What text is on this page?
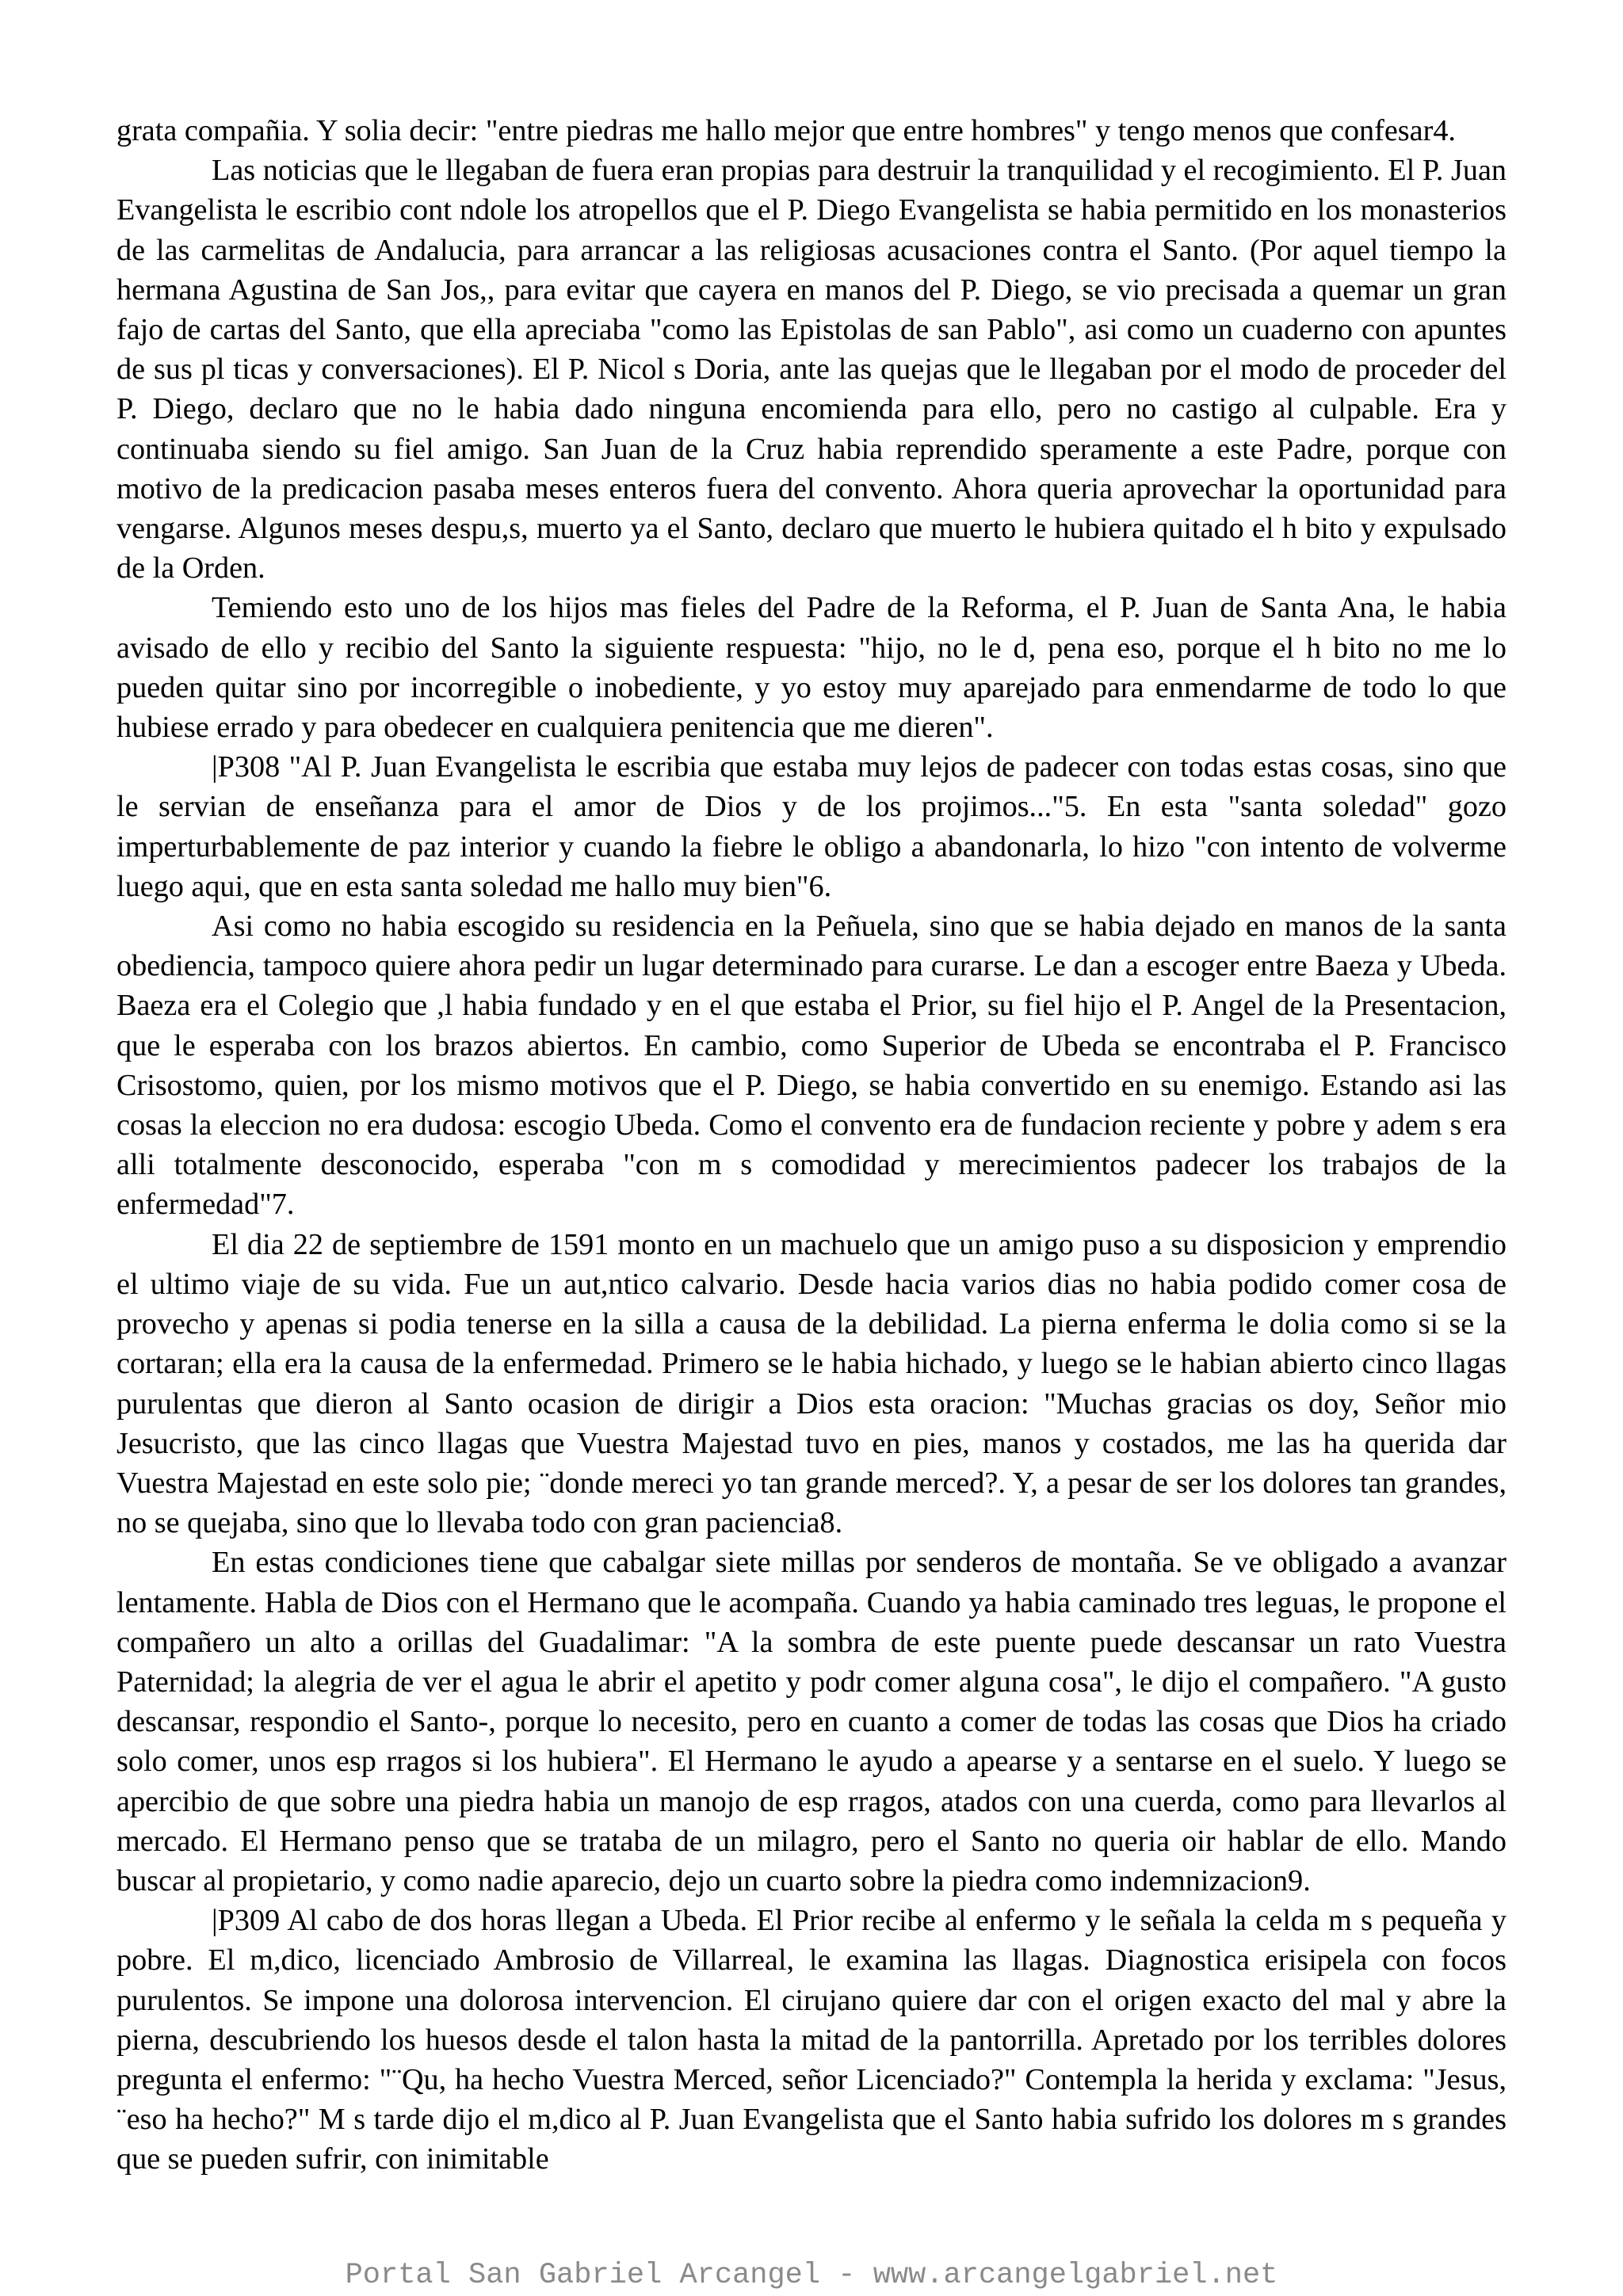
grata compañia. Y solia decir: "entre piedras me hallo mejor que entre hombres" y tengo menos que confesar4.

Las noticias que le llegaban de fuera eran propias para destruir la tranquilidad y el recogimiento. El P. Juan Evangelista le escribio cont ndole los atropellos que el P. Diego Evangelista se habia permitido en los monasterios de las carmelitas de Andalucia, para arrancar a las religiosas acusaciones contra el Santo. (Por aquel tiempo la hermana Agustina de San Jos,, para evitar que cayera en manos del P. Diego, se vio precisada a quemar un gran fajo de cartas del Santo, que ella apreciaba "como las Epistolas de san Pablo", asi como un cuaderno con apuntes de sus pl ticas y conversaciones). El P. Nicol s Doria, ante las quejas que le llegaban por el modo de proceder del P. Diego, declaro que no le habia dado ninguna encomienda para ello, pero no castigo al culpable. Era y continuaba siendo su fiel amigo. San Juan de la Cruz habia reprendido speramente a este Padre, porque con motivo de la predicacion pasaba meses enteros fuera del convento. Ahora queria aprovechar la oportunidad para vengarse. Algunos meses despu,s, muerto ya el Santo, declaro que muerto le hubiera quitado el h bito y expulsado de la Orden.

Temiendo esto uno de los hijos mas fieles del Padre de la Reforma, el P. Juan de Santa Ana, le habia avisado de ello y recibio del Santo la siguiente respuesta: "hijo, no le d, pena eso, porque el h bito no me lo pueden quitar sino por incorregible o inobediente, y yo estoy muy aparejado para enmendarme de todo lo que hubiese errado y para obedecer en cualquiera penitencia que me dieren".

|P308 "Al P. Juan Evangelista le escribia que estaba muy lejos de padecer con todas estas cosas, sino que le servian de enseñanza para el amor de Dios y de los projimos..."5. En esta "santa soledad" gozo imperturbablemente de paz interior y cuando la fiebre le obligo a abandonarla, lo hizo "con intento de volverme luego aqui, que en esta santa soledad me hallo muy bien"6.

Asi como no habia escogido su residencia en la Peñuela, sino que se habia dejado en manos de la santa obediencia, tampoco quiere ahora pedir un lugar determinado para curarse. Le dan a escoger entre Baeza y Ubeda. Baeza era el Colegio que ,l habia fundado y en el que estaba el Prior, su fiel hijo el P. Angel de la Presentacion, que le esperaba con los brazos abiertos. En cambio, como Superior de Ubeda se encontraba el P. Francisco Crisostomo, quien, por los mismo motivos que el P. Diego, se habia convertido en su enemigo. Estando asi las cosas la eleccion no era dudosa: escogio Ubeda. Como el convento era de fundacion reciente y pobre y adem s era alli totalmente desconocido, esperaba "con m s comodidad y merecimientos padecer los trabajos de la enfermedad"7.

El dia 22 de septiembre de 1591 monto en un machuelo que un amigo puso a su disposicion y emprendio el ultimo viaje de su vida. Fue un aut,ntico calvario. Desde hacia varios dias no habia podido comer cosa de provecho y apenas si podia tenerse en la silla a causa de la debilidad. La pierna enferma le dolia como si se la cortaran; ella era la causa de la enfermedad. Primero se le habia hichado, y luego se le habian abierto cinco llagas purulentas que dieron al Santo ocasion de dirigir a Dios esta oracion: "Muchas gracias os doy, Señor mio Jesucristo, que las cinco llagas que Vuestra Majestad tuvo en pies, manos y costados, me las ha querida dar Vuestra Majestad en este solo pie; ¨donde mereci yo tan grande merced?. Y, a pesar de ser los dolores tan grandes, no se quejaba, sino que lo llevaba todo con gran paciencia8.

En estas condiciones tiene que cabalgar siete millas por senderos de montaña. Se ve obligado a avanzar lentamente. Habla de Dios con el Hermano que le acompaña. Cuando ya habia caminado tres leguas, le propone el compañero un alto a orillas del Guadalimar: "A la sombra de este puente puede descansar un rato Vuestra Paternidad; la alegria de ver el agua le abrir el apetito y podr comer alguna cosa", le dijo el compañero. "A gusto descansar, respondio el Santo-, porque lo necesito, pero en cuanto a comer de todas las cosas que Dios ha criado solo comer, unos esp rragos si los hubiera". El Hermano le ayudo a apearse y a sentarse en el suelo. Y luego se apercibio de que sobre una piedra habia un manojo de esp rragos, atados con una cuerda, como para llevarlos al mercado. El Hermano penso que se trataba de un milagro, pero el Santo no queria oir hablar de ello. Mando buscar al propietario, y como nadie aparecio, dejo un cuarto sobre la piedra como indemnizacion9.

|P309 Al cabo de dos horas llegan a Ubeda. El Prior recibe al enfermo y le señala la celda m s pequeña y pobre. El m,dico, licenciado Ambrosio de Villarreal, le examina las llagas. Diagnostica erisipela con focos purulentos. Se impone una dolorosa intervencion. El cirujano quiere dar con el origen exacto del mal y abre la pierna, descubriendo los huesos desde el talon hasta la mitad de la pantorrilla. Apretado por los terribles dolores pregunta el enfermo: "¨Qu, ha hecho Vuestra Merced, señor Licenciado?" Contempla la herida y exclama: "Jesus, ¨eso ha hecho?" M s tarde dijo el m,dico al P. Juan Evangelista que el Santo habia sufrido los dolores m s grandes que se pueden sufrir, con inimitable

Portal San Gabriel Arcangel - www.arcangelgabriel.net
